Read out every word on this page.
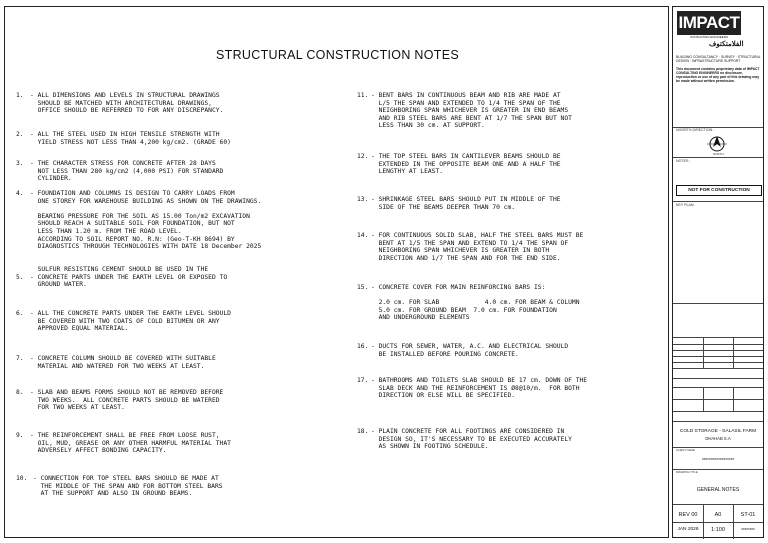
STRUCTURAL CONSTRUCTION NOTES
1. - ALL DIMENSIONS AND LEVELS IN STRUCTURAL DRAWINGS
SHOULD BE MATCHED WITH ARCHITECTURAL DRAWINGS,
OFFICE SHOULD BE REFERRED TO FOR ANY DISCREPANCY.
2. - ALL THE STEEL USED IN HIGH TENSILE STRENGTH WITH
YIELD STRESS NOT LESS THAN 4,200 kg/cm2. (GRADE 60)
3. - THE CHARACTER STRESS FOR CONCRETE AFTER 28 DAYS
NOT LESS THAN 280 kg/cm2 (4,000 PSI) FOR STANDARD
CYLINDER.
4. - FOUNDATION AND COLUMNS IS DESIGN TO CARRY LOADS FROM
ONE STOREY FOR WAREHOUSE BUILDING AS SHOWN ON THE DRAWINGS.

BEARING PRESSURE FOR THE SOIL AS 15.00 Ton/m2 EXCAVATION
SHOULD REACH A SUITABLE SOIL FOR FOUNDATION, BUT NOT
LESS THAN 1.20 m. FROM THE ROAD LEVEL.
ACCORDING TO SOIL REPORT NO. R.N: (Geo-T-KH 8694) BY
DIAGNOSTICS THROUGH TECHNOLOGIES WITH DATE 18 December 2025
5.
SULFUR RESISTING CEMENT SHOULD BE USED IN THE
- CONCRETE PARTS UNDER THE EARTH LEVEL OR EXPOSED TO
GROUND WATER.
6. - ALL THE CONCRETE PARTS UNDER THE EARTH LEVEL SHOULD
BE COVERED WITH TWO COATS OF COLD BITUMEN OR ANY
APPROVED EQUAL MATERIAL.
7. - CONCRETE COLUMN SHOULD BE COVERED WITH SUITABLE
MATERIAL AND WATERED FOR TWO WEEKS AT LEAST.
8. - SLAB AND BEAMS FORMS SHOULD NOT BE REMOVED BEFORE
TWO WEEKS.  ALL CONCRETE PARTS SHOULD BE WATERED
FOR TWO WEEKS AT LEAST.
9. - THE REINFORCEMENT SHALL BE FREE FROM LOOSE RUST,
OIL, MUD, GREASE OR ANY OTHER HARMFUL MATERIAL THAT
ADVERSELY AFFECT BONDING CAPACITY.
10. - CONNECTION FOR TOP STEEL BARS SHOULD BE MADE AT
THE MIDDLE OF THE SPAN AND FOR BOTTOM STEEL BARS
AT THE SUPPORT AND ALSO IN GROUND BEAMS.
11. - BENT BARS IN CONTINUOUS BEAM AND RIB ARE MADE AT
L/5 THE SPAN AND EXTENDED TO 1/4 THE SPAN OF THE
NEIGHBORING SPAN WHICHEVER IS GREATER IN END BEAMS
AND RIB STEEL BARS ARE BENT AT 1/7 THE SPAN BUT NOT
LESS THAN 30 cm. AT SUPPORT.
12. - THE TOP STEEL BARS IN CANTILEVER BEAMS SHOULD BE
EXTENDED IN THE OPPOSITE BEAM ONE AND A HALF THE
LENGTHY AT LEAST.
13. - SHRINKAGE STEEL BARS SHOULD PUT IN MIDDLE OF THE
SIDE OF THE BEAMS DEEPER THAN 70 cm.
14. - FOR CONTINUOUS SOLID SLAB, HALF THE STEEL BARS MUST BE
BENT AT 1/5 THE SPAN AND EXTEND TO 1/4 THE SPAN OF
NEIGHBORING SPAN WHICHEVER IS GREATER IN BOTH
DIRECTION AND 1/7 THE SPAN AND FOR THE END SIDE.
15. - CONCRETE COVER FOR MAIN REINFORCING BARS IS:

2.0 cm. FOR SLAB            4.0 cm. FOR BEAM & COLUMN
5.0 cm. FOR GROUND BEAM  7.0 cm. FOR FOUNDATION
AND UNDERGROUND ELEMENTS
16. - DUCTS FOR SEWER, WATER, A.C. AND ELECTRICAL SHOULD
BE INSTALLED BEFORE POURING CONCRETE.
17. - BATHROOMS AND TOILETS SLAB SHOULD BE 17 cm. DOWN OF THE
SLAB DECK AND THE REINFORCEMENT IS Ø8@10/m.  FOR BOTH
DIRECTION OR ELSE WILL BE SPECIFIED.
18. - PLAIN CONCRETE FOR ALL FOOTINGS ARE CONSIDERED IN
DESIGN SO, IT'S NECESSARY TO BE EXECUTED ACCURATELY
AS SHOWN IN FOOTING SCHEDULE.
IMPACT
CONSULTING ENGINEERS
الفلامتكتوف
BUILDING CONSULTANCY · SURVEY · STRUCTURAL DESIGN · INFRASTRUCTURE SUPPORT
This document contains proprietary data of IMPACT CONSULTING ENGINEERS no disclosure, reproduction or use of any part of this drawing may be made without written permission.
NOORTH DIRECTION :
NORTH
NOTES :
NOT FOR CONSTRUCTION
KEY PLAN:
COLD STORAGE - SALASIL FARM
DHAHAB S.A
CLIENT NAME
xxxxxxxxxxxxxxxxxx
DRAWING TITLE
GENERAL NOTES
REV 00	A0	ST-01
JAN 2026	1:100	xxxxxxxx
